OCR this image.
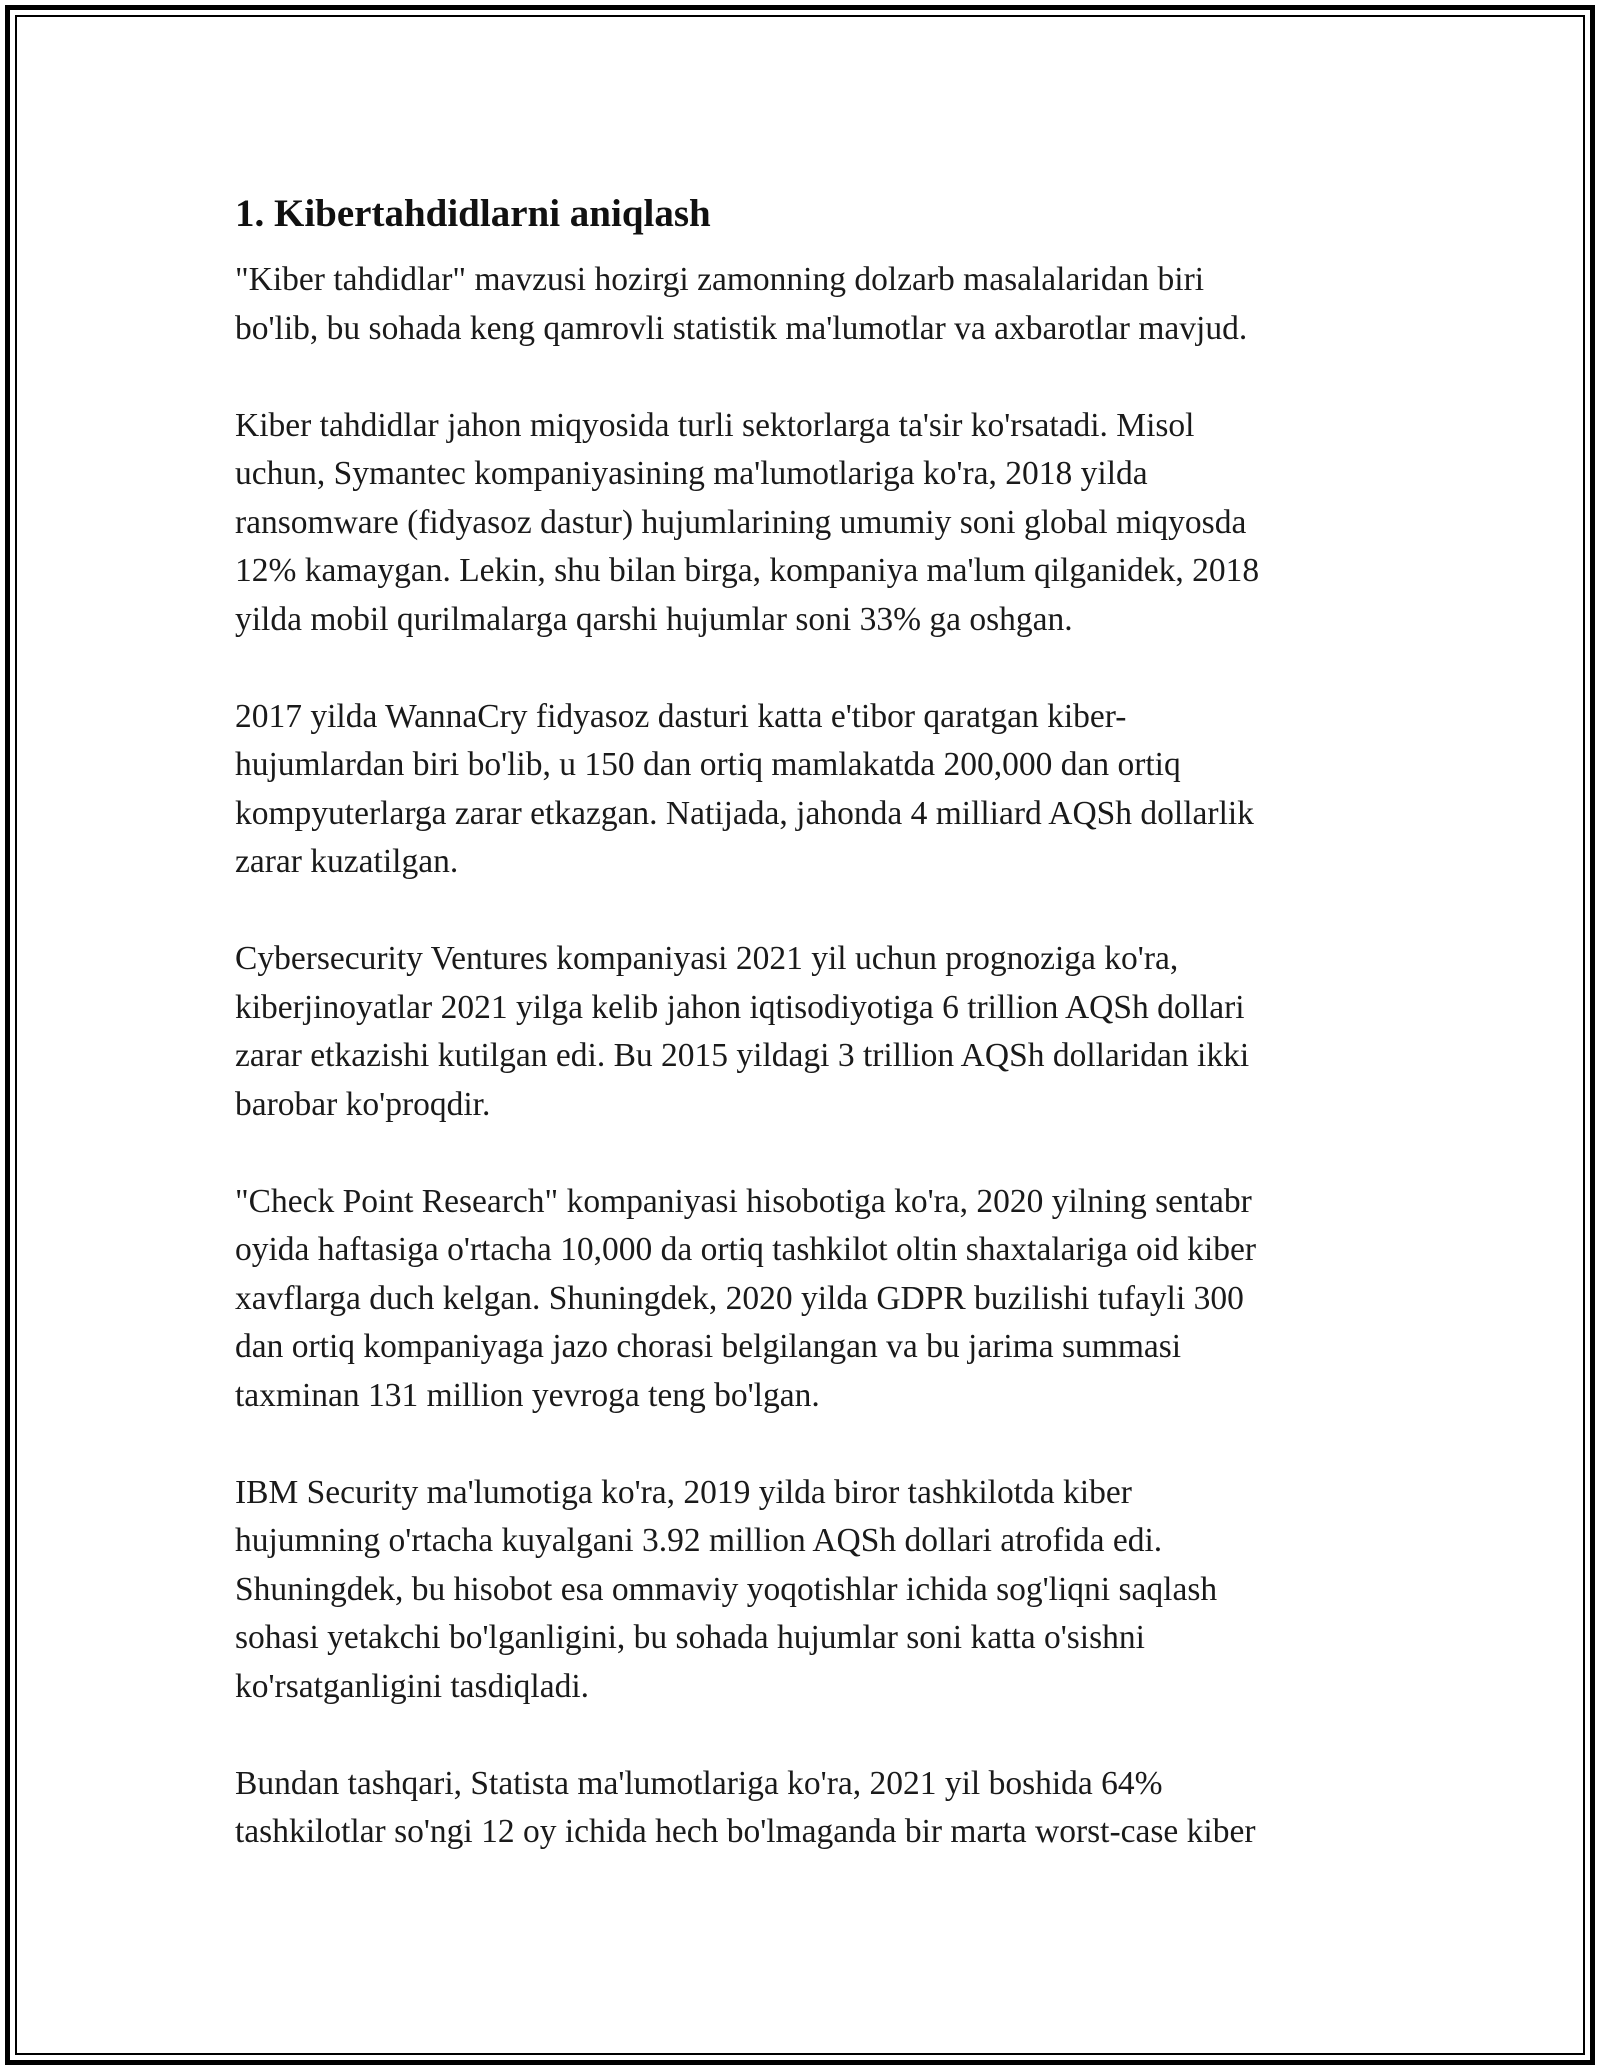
1. Kibertahdidlarni aniqlash
"Kiber tahdidlar" mavzusi hozirgi zamonning dolzarb masalalaridan biri
bo'lib, bu sohada keng qamrovli statistik ma'lumotlar va axbarotlar mavjud.
Kiber tahdidlar jahon miqyosida turli sektorlarga ta'sir ko'rsatadi. Misol
uchun, Symantec kompaniyasining ma'lumotlariga ko'ra, 2018 yilda
ransomware (fidyasoz dastur) hujumlarining umumiy soni global miqyosda
12% kamaygan. Lekin, shu bilan birga, kompaniya ma'lum qilganidek, 2018
yilda mobil qurilmalarga qarshi hujumlar soni 33% ga oshgan.
2017 yilda WannaCry fidyasoz dasturi katta e'tibor qaratgan kiber-
hujumlardan biri bo'lib, u 150 dan ortiq mamlakatda 200,000 dan ortiq
kompyuterlarga zarar etkazgan. Natijada, jahonda 4 milliard AQSh dollarlik
zarar kuzatilgan.
Cybersecurity Ventures kompaniyasi 2021 yil uchun prognoziga ko'ra,
kiberjinoyatlar 2021 yilga kelib jahon iqtisodiyotiga 6 trillion AQSh dollari
zarar etkazishi kutilgan edi. Bu 2015 yildagi 3 trillion AQSh dollaridan ikki
barobar ko'proqdir.
"Check Point Research" kompaniyasi hisobotiga ko'ra, 2020 yilning sentabr
oyida haftasiga o'rtacha 10,000 da ortiq tashkilot oltin shaxtalariga oid kiber
xavflarga duch kelgan. Shuningdek, 2020 yilda GDPR buzilishi tufayli 300
dan ortiq kompaniyaga jazo chorasi belgilangan va bu jarima summasi
taxminan 131 million yevroga teng bo'lgan.
IBM Security ma'lumotiga ko'ra, 2019 yilda biror tashkilotda kiber
hujumning o'rtacha kuyalgani 3.92 million AQSh dollari atrofida edi.
Shuningdek, bu hisobot esa ommaviy yoqotishlar ichida sog'liqni saqlash
sohasi yetakchi bo'lganligini, bu sohada hujumlar soni katta o'sishni
ko'rsatganligini tasdiqladi.
Bundan tashqari, Statista ma'lumotlariga ko'ra, 2021 yil boshida 64%
tashkilotlar so'ngi 12 oy ichida hech bo'lmaganda bir marta worst-case kiber
